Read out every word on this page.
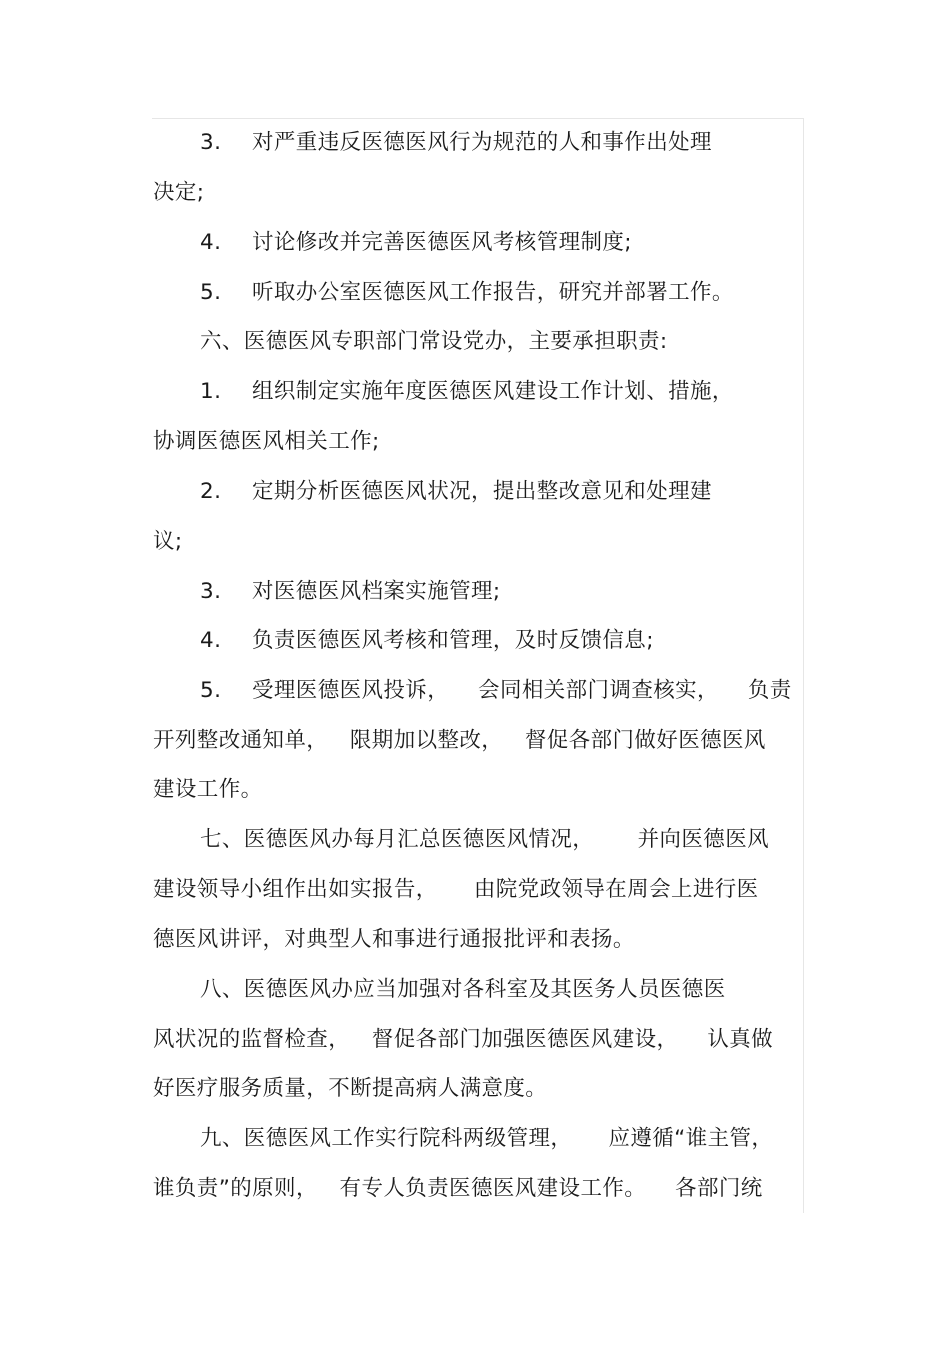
3. 对严重违反医德医风行为规范的人和事作出处理
决定;
4. 讨论修改并完善医德医风考核管理制度;
5. 听取办公室医德医风工作报告，研究并部署工作。
六、医德医风专职部门常设党办，主要承担职责:
1. 组织制定实施年度医德医风建设工作计划、措施，
协调医德医风相关工作;
2. 定期分析医德医风状况，提出整改意见和处理建
议;
3. 对医德医风档案实施管理;
4. 负责医德医风考核和管理，及时反馈信息;
5. 受理医德医风投诉，    会同相关部门调查核实，    负责
开列整改通知单，   限期加以整改，   督促各部门做好医德医风
建设工作。
七、医德医风办每月汇总医德医风情况，      并向医德医风
建设领导小组作出如实报告，     由院党政领导在周会上进行医
德医风讲评，对典型人和事进行通报批评和表扬。
八、医德医风办应当加强对各科室及其医务人员医德医
风状况的监督检查，   督促各部门加强医德医风建设，    认真做
好医疗服务质量，不断提高病人满意度。
九、医德医风工作实行院科两级管理，     应遵循“谁主管，
谁负责”的原则，   有专人负责医德医风建设工作。    各部门统
